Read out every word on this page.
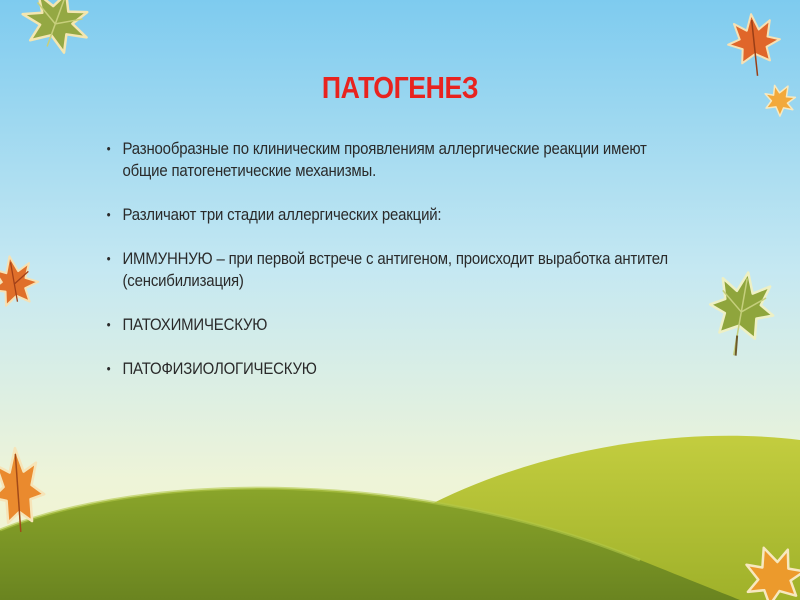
ПАТОГЕНЕЗ
• Разнообразные по клиническим проявлениям аллергические реакции имеют общие патогенетические механизмы.
• Различают три стадии аллергических реакций:
• ИММУННУЮ – при первой встрече с антигеном, происходит выработка антител (сенсибилизация)
• ПАТОХИМИЧЕСКУЮ
• ПАТОФИЗИОЛОГИЧЕСКУЮ
